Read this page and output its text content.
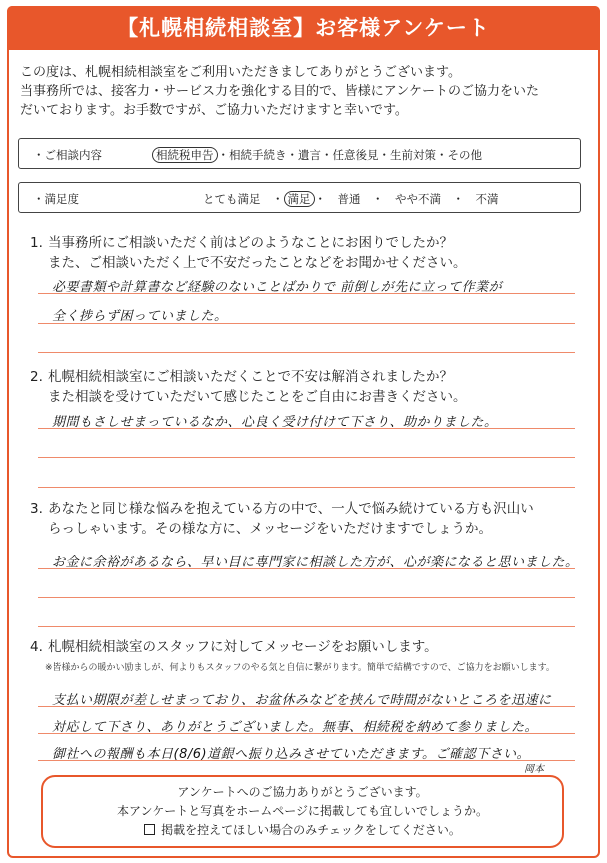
【札幌相続相談室】お客様アンケート
この度は、札幌相続相談室をご利用いただきましてありがとうございます。
当事務所では、接客力・サービス力を強化する目的で、皆様にアンケートのご協力をいた
だいております。お手数ですが、ご協力いただけますと幸いです。
・ご相談内容	相続税申告 ・相続手続き・遺言・任意後見・生前対策・その他
・満足度	とても満足　・ 満足 ・　普通　・　やや不満　・　不満
1. 当事務所にご相談いただく前はどのようなことにお困りでしたか？
また、ご相談いただく上で不安だったことなどをお聞かせください。
必要書類や計算書など経験のないことばかりで 前倒しが先に立って作業が
全く捗らず困っていました。
2. 札幌相続相談室にご相談いただくことで不安は解消されましたか？
また相談を受けていただいて感じたことをご自由にお書きください。
期間もさしせまっているなか、心良く受け付けて下さり、助かりました。
3. あなたと同じ様な悩みを抱えている方の中で、一人で悩み続けている方も沢山い
らっしゃいます。その様な方に、メッセージをいただけますでしょうか。
お金に余裕があるなら、早い目に専門家に相談した方が、心が楽になると思いました。
4. 札幌相続相談室のスタッフに対してメッセージをお願いします。
※皆様からの暖かい励ましが、何よりもスタッフのやる気と自信に繋がります。簡単で結構ですので、ご協力をお願いします。
支払い期限が差しせまっており、お盆休みなどを挟んで時間がないところを迅速に
対応して下さり、ありがとうございました。無事、相続税を納めて参りました。
御社への報酬も本日(8/6)道銀へ振り込みさせていただきます。ご確認下さい。
岡本
アンケートへのご協力ありがとうございます。
本アンケートと写真をホームページに掲載しても宜しいでしょうか。
掲載を控えてほしい場合のみチェックをしてください。
